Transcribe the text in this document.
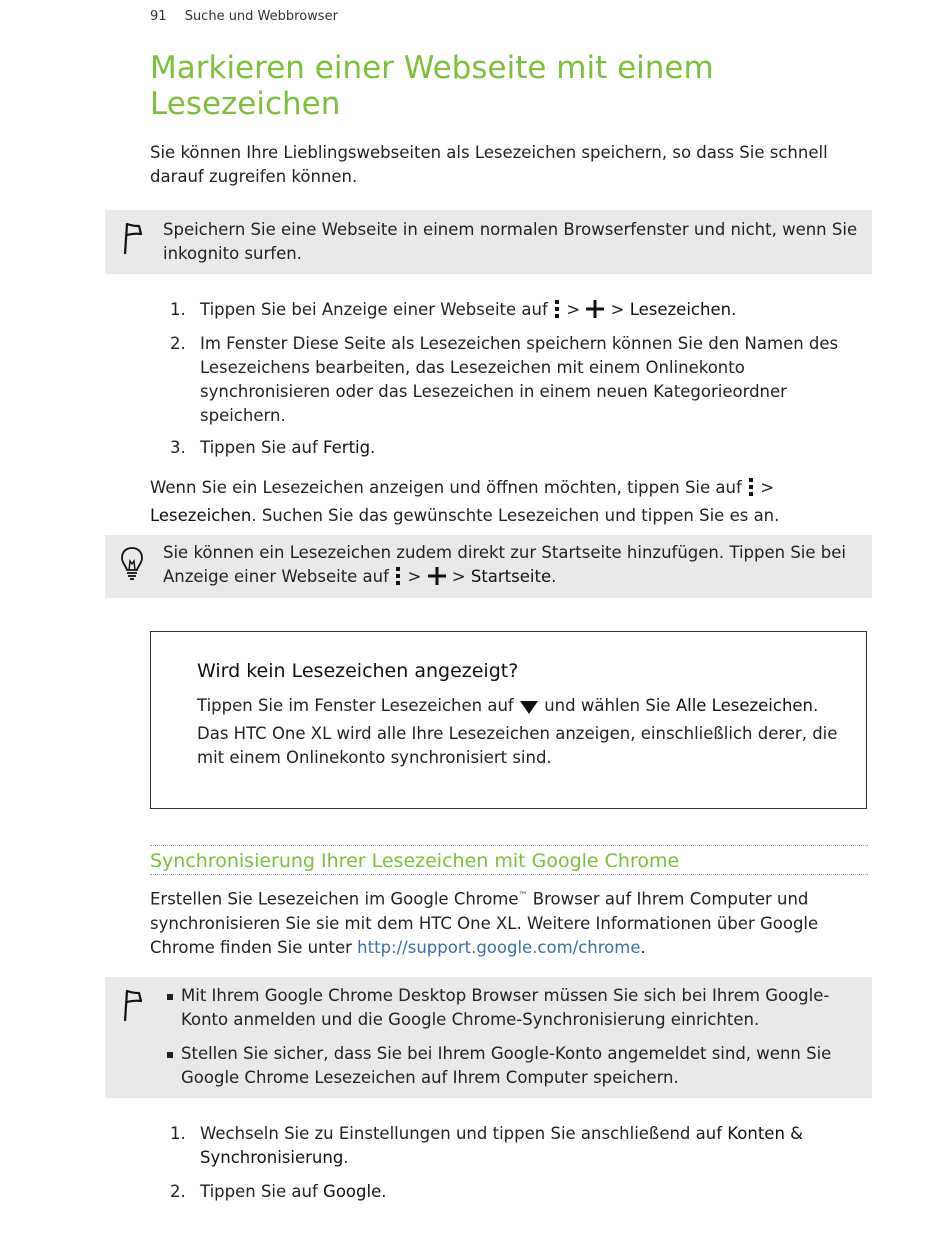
91 Suche und Webbrowser
Markieren einer Webseite mit einem Lesezeichen

Sie können Ihre Lieblingswebseiten als Lesezeichen speichern, so dass Sie schnell darauf zugreifen können.

Speichern Sie eine Webseite in einem normalen Browserfenster und nicht, wenn Sie inkognito surfen.

1. Tippen Sie bei Anzeige einer Webseite auf > > Lesezeichen.
2. Im Fenster Diese Seite als Lesezeichen speichern können Sie den Namen des Lesezeichens bearbeiten, das Lesezeichen mit einem Onlinekonto synchronisieren oder das Lesezeichen in einem neuen Kategorieordner speichern.
3. Tippen Sie auf Fertig.

Wenn Sie ein Lesezeichen anzeigen und öffnen möchten, tippen Sie auf > Lesezeichen. Suchen Sie das gewünschte Lesezeichen und tippen Sie es an.

Sie können ein Lesezeichen zudem direkt zur Startseite hinzufügen. Tippen Sie bei Anzeige einer Webseite auf > > Startseite.

Wird kein Lesezeichen angezeigt?

Tippen Sie im Fenster Lesezeichen auf und wählen Sie Alle Lesezeichen. Das HTC One XL wird alle Ihre Lesezeichen anzeigen, einschließlich derer, die mit einem Onlinekonto synchronisiert sind.

Synchronisierung Ihrer Lesezeichen mit Google Chrome

Erstellen Sie Lesezeichen im Google Chrome™ Browser auf Ihrem Computer und synchronisieren Sie sie mit dem HTC One XL. Weitere Informationen über Google Chrome finden Sie unter http://support.google.com/chrome.

Mit Ihrem Google Chrome Desktop Browser müssen Sie sich bei Ihrem Google-Konto anmelden und die Google Chrome-Synchronisierung einrichten.
Stellen Sie sicher, dass Sie bei Ihrem Google-Konto angemeldet sind, wenn Sie Google Chrome Lesezeichen auf Ihrem Computer speichern.
1. Wechseln Sie zu Einstellungen und tippen Sie anschließend auf Konten & Synchronisierung.
2. Tippen Sie auf Google.
